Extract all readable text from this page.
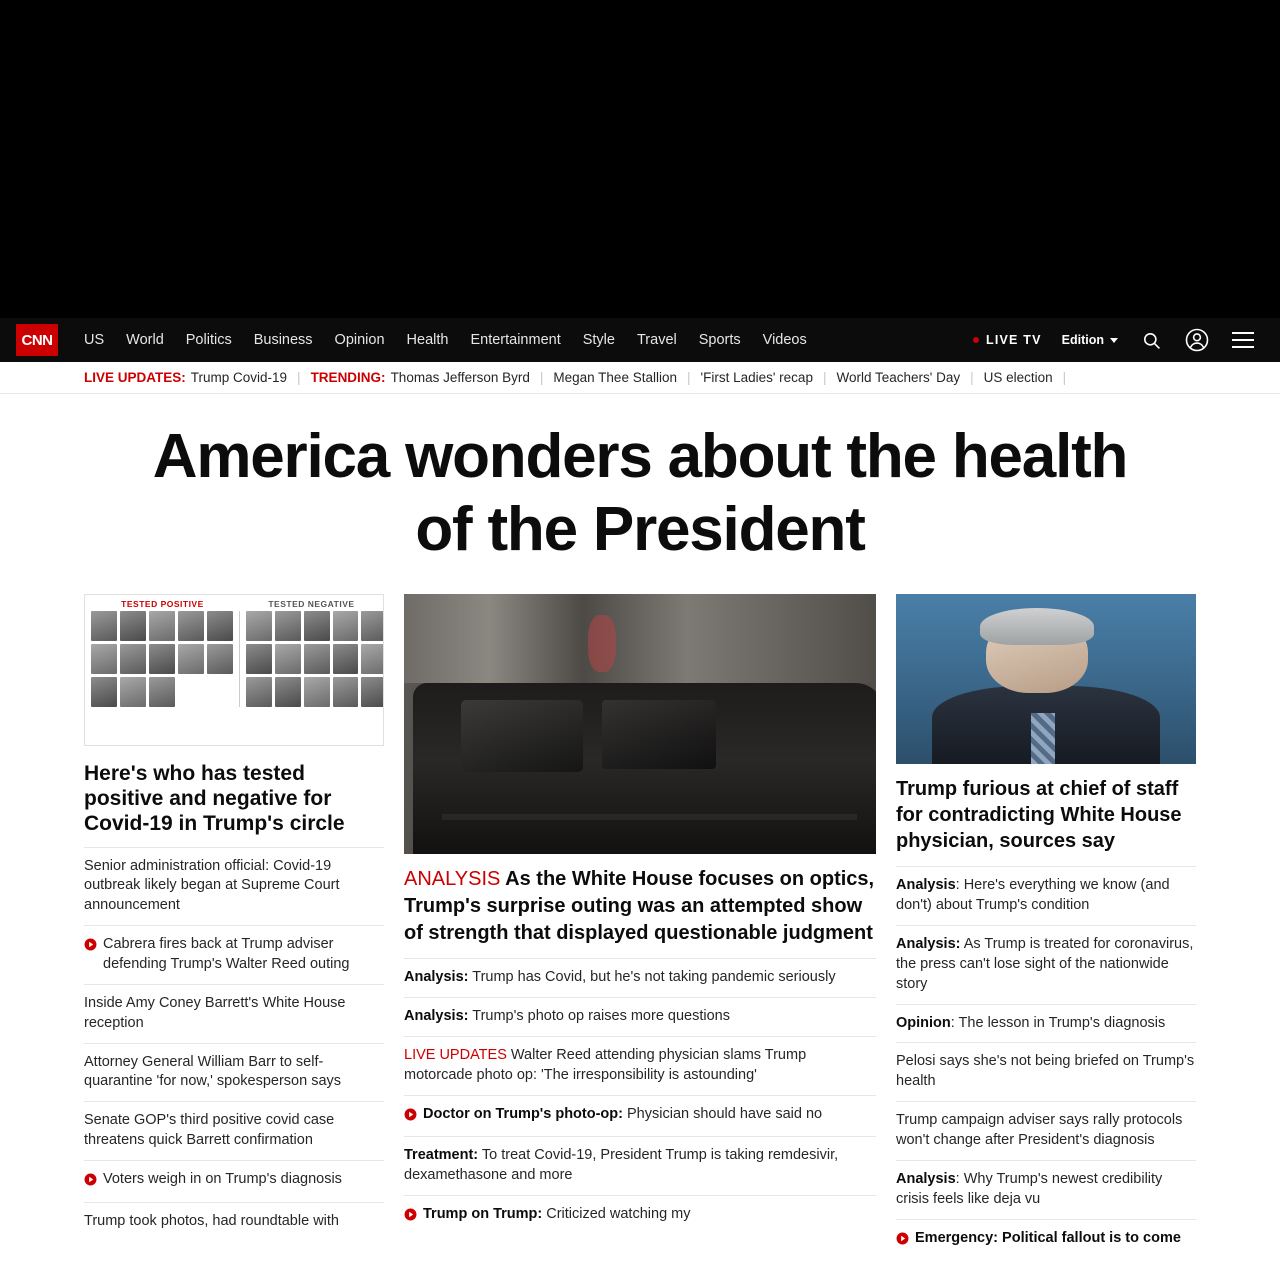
CNN	US World Politics Business Opinion Health Entertainment Style Travel Sports Videos	LIVE TV Edition
LIVE UPDATES: Trump Covid-19 | TRENDING: Thomas Jefferson Byrd | Megan Thee Stallion | 'First Ladies' recap | World Teachers' Day | US election |
America wonders about the health of the President
TESTED POSITIVE	TESTED NEGATIVE
Here's who has tested positive and negative for Covid-19 in Trump's circle
Senior administration official: Covid-19 outbreak likely began at Supreme Court announcement
Cabrera fires back at Trump adviser defending Trump's Walter Reed outing
Inside Amy Coney Barrett's White House reception
Attorney General William Barr to self-quarantine 'for now,' spokesperson says
Senate GOP's third positive covid case threatens quick Barrett confirmation
Voters weigh in on Trump's diagnosis
Trump took photos, had roundtable with
ANALYSIS As the White House focuses on optics, Trump's surprise outing was an attempted show of strength that displayed questionable judgment
Analysis: Trump has Covid, but he's not taking pandemic seriously
Analysis: Trump's photo op raises more questions
LIVE UPDATES Walter Reed attending physician slams Trump motorcade photo op: 'The irresponsibility is astounding'
Doctor on Trump's photo-op: Physician should have said no
Treatment: To treat Covid-19, President Trump is taking remdesivir, dexamethasone and more
Trump on Trump: Criticized watching my
Trump furious at chief of staff for contradicting White House physician, sources say
Analysis: Here's everything we know (and don't) about Trump's condition
Analysis: As Trump is treated for coronavirus, the press can't lose sight of the nationwide story
Opinion: The lesson in Trump's diagnosis
Pelosi says she's not being briefed on Trump's health
Trump campaign adviser says rally protocols won't change after President's diagnosis
Analysis: Why Trump's newest credibility crisis feels like deja vu
Emergency: Political fallout is to come
